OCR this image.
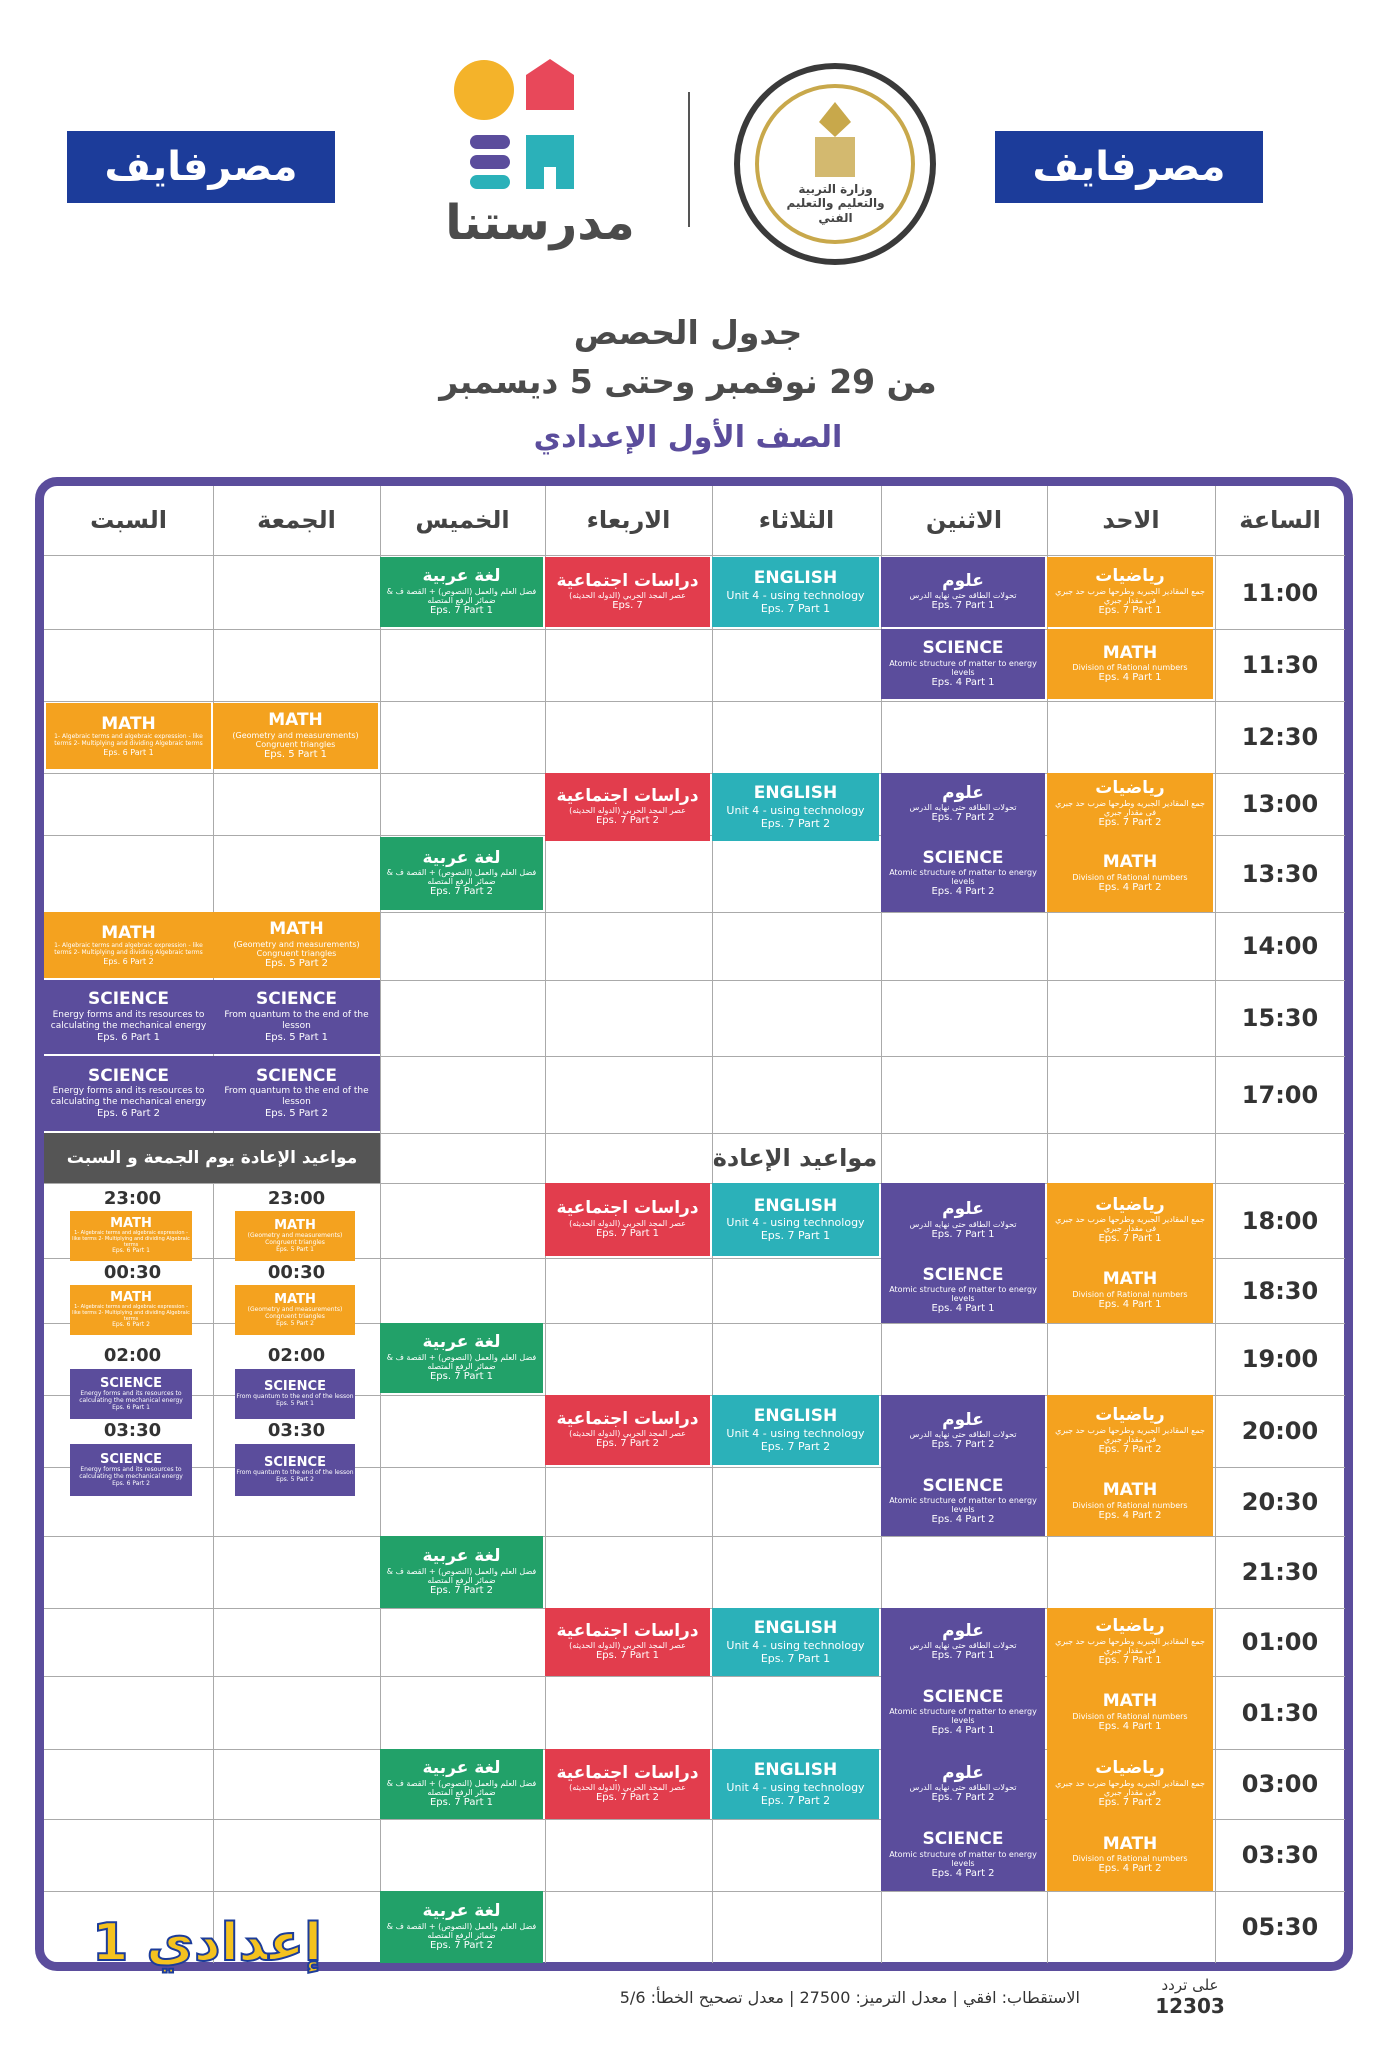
مصرفايف	مصرفايف
مدرستنا
وزارة التربية والتعليم والتعليم الفني
جدول الحصص
من 29 نوفمبر وحتى 5 ديسمبر
الصف الأول الإعدادي
الساعة
الاحد
الاثنين
الثلاثاء
الاربعاء
الخميس
الجمعة
السبت
11:00
11:30
12:30
13:00
13:30
14:00
15:30
17:00
18:00
18:30
19:00
20:00
20:30
21:30
01:00
01:30
03:00
03:30
05:30
مواعيد الإعادة
مواعيد الإعادة يوم الجمعة و السبت
رياضيات
جمع المقادير الجبريه وطرحها ضرب حد جبري فى مقدار جبري
Eps. 7 Part 1
MATH
Division of Rational numbers
Eps. 4 Part 1
رياضيات
جمع المقادير الجبريه وطرحها ضرب حد جبري فى مقدار جبري
Eps. 7 Part 2
MATH
Division of Rational numbers
Eps. 4 Part 2
رياضيات
جمع المقادير الجبريه وطرحها ضرب حد جبري فى مقدار جبري
Eps. 7 Part 1
MATH
Division of Rational numbers
Eps. 4 Part 1
رياضيات
جمع المقادير الجبريه وطرحها ضرب حد جبري فى مقدار جبري
Eps. 7 Part 2
MATH
Division of Rational numbers
Eps. 4 Part 2
رياضيات
جمع المقادير الجبريه وطرحها ضرب حد جبري فى مقدار جبري
Eps. 7 Part 1
MATH
Division of Rational numbers
Eps. 4 Part 1
رياضيات
جمع المقادير الجبريه وطرحها ضرب حد جبري فى مقدار جبري
Eps. 7 Part 2
MATH
Division of Rational numbers
Eps. 4 Part 2
علوم
تحولات الطاقه حتى نهايه الدرس
Eps. 7 Part 1
SCIENCE
Atomic structure of matter to energy levels
Eps. 4 Part 1
علوم
تحولات الطاقه حتى نهايه الدرس
Eps. 7 Part 2
SCIENCE
Atomic structure of matter to energy levels
Eps. 4 Part 2
علوم
تحولات الطاقه حتى نهايه الدرس
Eps. 7 Part 1
SCIENCE
Atomic structure of matter to energy levels
Eps. 4 Part 1
علوم
تحولات الطاقه حتى نهايه الدرس
Eps. 7 Part 2
SCIENCE
Atomic structure of matter to energy levels
Eps. 4 Part 2
علوم
تحولات الطاقه حتى نهايه الدرس
Eps. 7 Part 1
SCIENCE
Atomic structure of matter to energy levels
Eps. 4 Part 1
علوم
تحولات الطاقه حتى نهايه الدرس
Eps. 7 Part 2
SCIENCE
Atomic structure of matter to energy levels
Eps. 4 Part 2
ENGLISH
Unit 4 - using technology
Eps. 7 Part 1
ENGLISH
Unit 4 - using technology
Eps. 7 Part 2
ENGLISH
Unit 4 - using technology
Eps. 7 Part 1
ENGLISH
Unit 4 - using technology
Eps. 7 Part 2
ENGLISH
Unit 4 - using technology
Eps. 7 Part 1
ENGLISH
Unit 4 - using technology
Eps. 7 Part 2
دراسات اجتماعية
عصر المجد الحربي (الدوله الحديثه)
Eps. 7
دراسات اجتماعية
عصر المجد الحربي (الدوله الحديثه)
Eps. 7 Part 2
دراسات اجتماعية
عصر المجد الحربي (الدوله الحديثه)
Eps. 7 Part 1
دراسات اجتماعية
عصر المجد الحربي (الدوله الحديثه)
Eps. 7 Part 2
دراسات اجتماعية
عصر المجد الحربي (الدوله الحديثه)
Eps. 7 Part 1
دراسات اجتماعية
عصر المجد الحربي (الدوله الحديثه)
Eps. 7 Part 2
لغة عربية
فضل العلم والعمل (النصوص) + القصة ف & ضمائر الرفع المتصله
Eps. 7 Part 1
لغة عربية
فضل العلم والعمل (النصوص) + القصة ف & ضمائر الرفع المتصله
Eps. 7 Part 2
لغة عربية
فضل العلم والعمل (النصوص) + القصة ف & ضمائر الرفع المتصله
Eps. 7 Part 1
لغة عربية
فضل العلم والعمل (النصوص) + القصة ف & ضمائر الرفع المتصله
Eps. 7 Part 2
لغة عربية
فضل العلم والعمل (النصوص) + القصة ف & ضمائر الرفع المتصله
Eps. 7 Part 1
لغة عربية
فضل العلم والعمل (النصوص) + القصة ف & ضمائر الرفع المتصله
Eps. 7 Part 2
MATH
(Geometry and measurements) Congruent triangles
Eps. 5 Part 1
MATH
(Geometry and measurements) Congruent triangles
Eps. 5 Part 2
SCIENCE
From quantum to the end of the lesson
Eps. 5 Part 1
SCIENCE
From quantum to the end of the lesson
Eps. 5 Part 2
MATH
1- Algebraic terms and algebraic expression - like terms 2- Multiplying and dividing Algebraic terms
Eps. 6 Part 1
MATH
1- Algebraic terms and algebraic expression - like terms 2- Multiplying and dividing Algebraic terms
Eps. 6 Part 2
SCIENCE
Energy forms and its resources to calculating the mechanical energy
Eps. 6 Part 1
SCIENCE
Energy forms and its resources to calculating the mechanical energy
Eps. 6 Part 2
23:00
MATH
(Geometry and measurements) Congruent triangles
Eps. 5 Part 1
00:30
MATH
(Geometry and measurements) Congruent triangles
Eps. 5 Part 2
02:00
SCIENCE
From quantum to the end of the lesson
Eps. 5 Part 1
03:30
SCIENCE
From quantum to the end of the lesson
Eps. 5 Part 2
23:00
MATH
1- Algebraic terms and algebraic expression - like terms 2- Multiplying and dividing Algebraic terms
Eps. 6 Part 1
00:30
MATH
1- Algebraic terms and algebraic expression - like terms 2- Multiplying and dividing Algebraic terms
Eps. 6 Part 2
02:00
SCIENCE
Energy forms and its resources to calculating the mechanical energy
Eps. 6 Part 1
03:30
SCIENCE
Energy forms and its resources to calculating the mechanical energy
Eps. 6 Part 2
إعدادي 1
على تردد
12303
الاستقطاب: افقي | معدل الترميز: 27500 | معدل تصحيح الخطأ: 5/6
